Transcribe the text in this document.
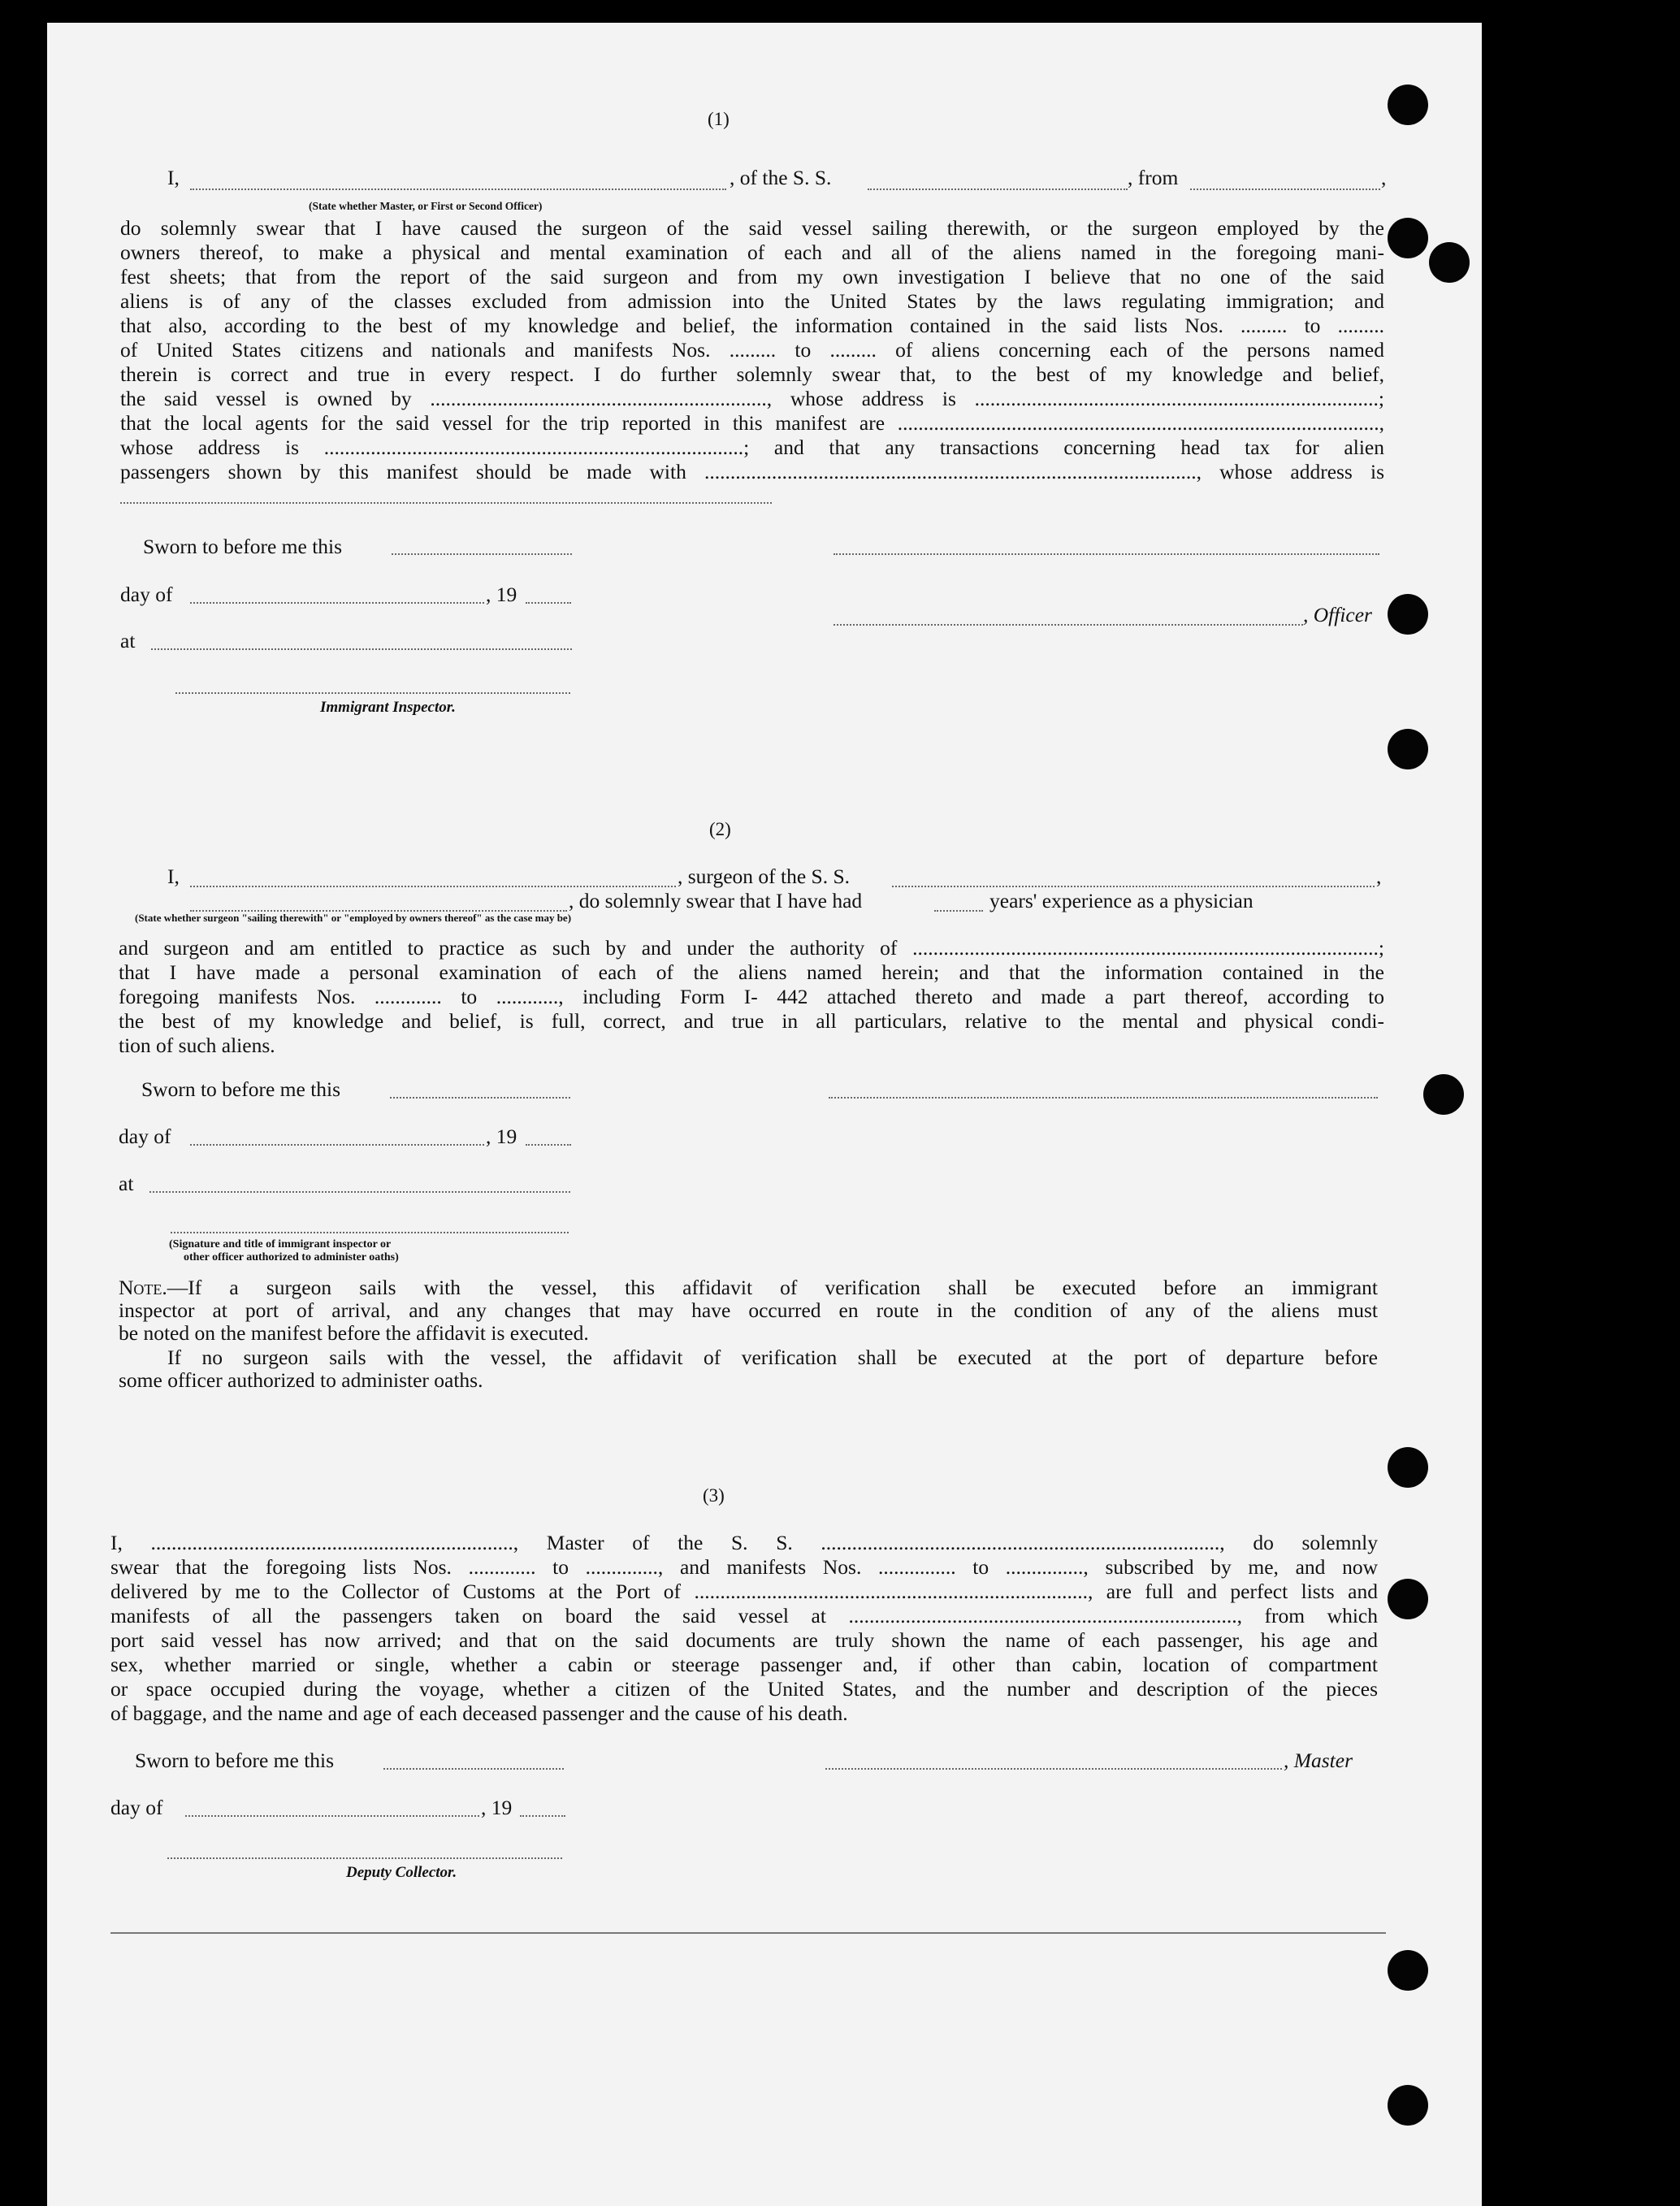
(1)
I,	, of the S. S.	, from	,
(State whether Master, or First or Second Officer)
do solemnly swear that I have caused the surgeon of the said vessel sailing therewith, or the surgeon employed by the
owners thereof, to make a physical and mental examination of each and all of the aliens named in the foregoing mani-
fest sheets; that from the report of the said surgeon and from my own investigation I believe that no one of the said
aliens is of any of the classes excluded from admission into the United States by the laws regulating immigration; and
that also, according to the best of my knowledge and belief, the information contained in the said lists Nos. ......... to .........
of United States citizens and nationals and manifests Nos. ......... to ......... of aliens concerning each of the persons named
therein is correct and true in every respect. I do further solemnly swear that, to the best of my knowledge and belief,
the said vessel is owned by ................................................................., whose address is ..............................................................................;
that the local agents for the said vessel for the trip reported in this manifest are .............................................................................................,
whose address is .................................................................................; and that any transactions concerning head tax for alien
passengers shown by this manifest should be made with ..............................................................................................., whose address is
Sworn to before me this
day of	, 19
, Officer
at
Immigrant Inspector.
(2)
I,	, surgeon of the S. S.	,
, do solemnly swear that I have had	years' experience as a physician
(State whether surgeon "sailing therewith" or "employed by owners thereof" as the case may be)
and surgeon and am entitled to practice as such by and under the authority of ..........................................................................................;
that I have made a personal examination of each of the aliens named herein; and that the information contained in the
foregoing manifests Nos. ............. to ............, including Form I- 442 attached thereto and made a part thereof, according to
the best of my knowledge and belief, is full, correct, and true in all particulars, relative to the mental and physical condi-
tion of such aliens.
Sworn to before me this
day of	, 19
at
(Signature and title of immigrant inspector or
other officer authorized to administer oaths)
Note.—If a surgeon sails with the vessel, this affidavit of verification shall be executed before an immigrant
inspector at port of arrival, and any changes that may have occurred en route in the condition of any of the aliens must
be noted on the manifest before the affidavit is executed.
If no surgeon sails with the vessel, the affidavit of verification shall be executed at the port of departure before
some officer authorized to administer oaths.
(3)
I, ......................................................................, Master of the S. S. ............................................................................., do solemnly
swear that the foregoing lists Nos. ............. to .............., and manifests Nos. ............... to ..............., subscribed by me, and now
delivered by me to the Collector of Customs at the Port of ............................................................................, are full and perfect lists and
manifests of all the passengers taken on board the said vessel at ..........................................................................., from which
port said vessel has now arrived; and that on the said documents are truly shown the name of each passenger, his age and
sex, whether married or single, whether a cabin or steerage passenger and, if other than cabin, location of compartment
or space occupied during the voyage, whether a citizen of the United States, and the number and description of the pieces
of baggage, and the name and age of each deceased passenger and the cause of his death.
Sworn to before me this	, Master
day of	, 19
Deputy Collector.
